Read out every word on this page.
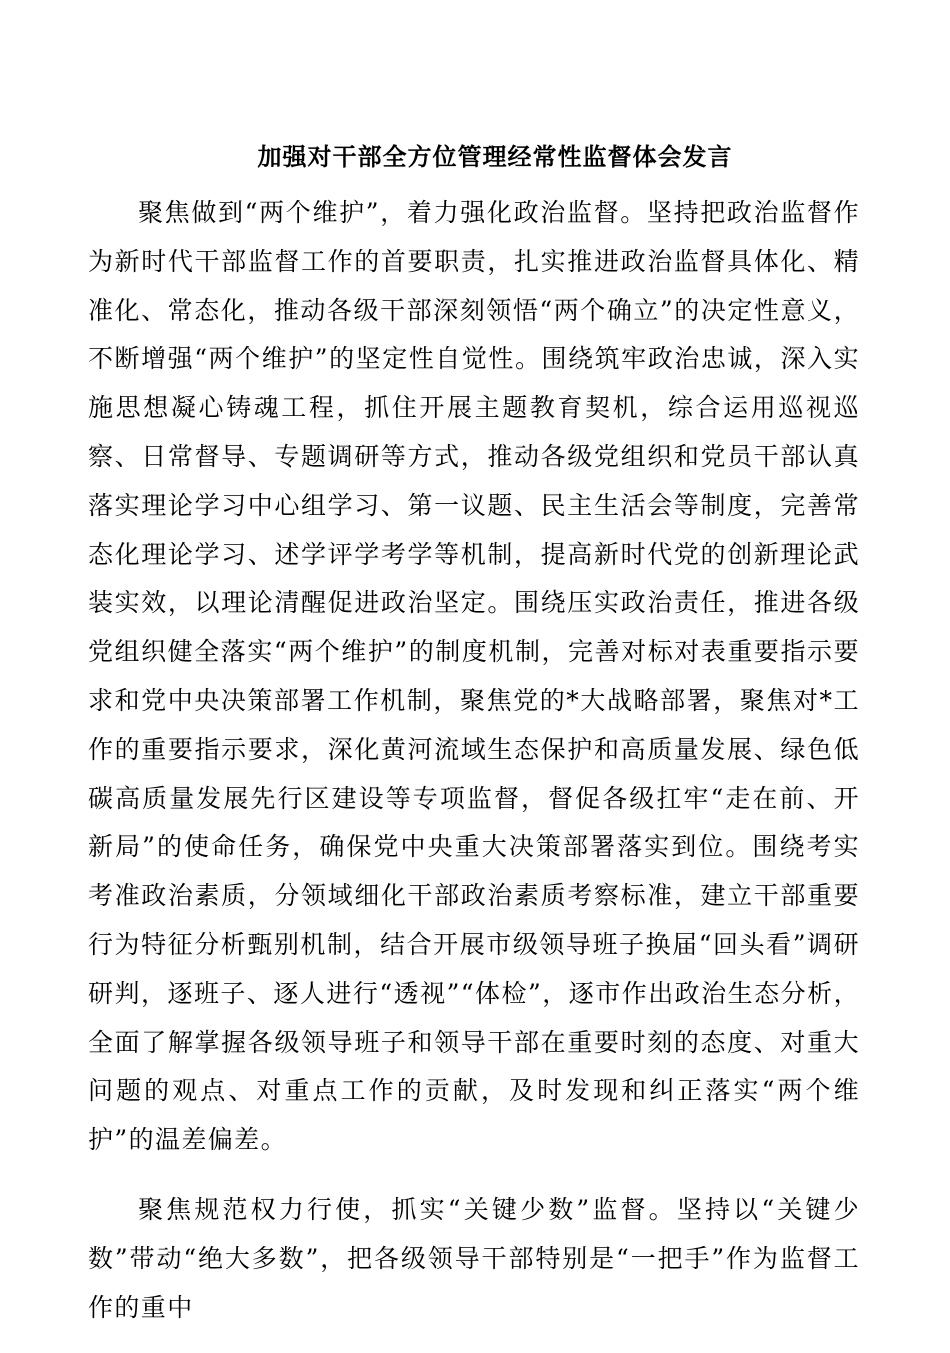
加强对干部全方位管理经常性监督体会发言

聚焦做到“两个维护”，着力强化政治监督。坚持把政治监督作为新时代干部监督工作的首要职责，扎实推进政治监督具体化、精准化、常态化，推动各级干部深刻领悟“两个确立”的决定性意义，不断增强“两个维护”的坚定性自觉性。围绕筑牢政治忠诚，深入实施思想凝心铸魂工程，抓住开展主题教育契机，综合运用巡视巡察、日常督导、专题调研等方式，推动各级党组织和党员干部认真落实理论学习中心组学习、第一议题、民主生活会等制度，完善常态化理论学习、述学评学考学等机制，提高新时代党的创新理论武装实效，以理论清醒促进政治坚定。围绕压实政治责任，推进各级党组织健全落实“两个维护”的制度机制，完善对标对表重要指示要求和党中央决策部署工作机制，聚焦党的*大战略部署，聚焦对*工作的重要指示要求，深化黄河流域生态保护和高质量发展、绿色低碳高质量发展先行区建设等专项监督，督促各级扛牢“走在前、开新局”的使命任务，确保党中央重大决策部署落实到位。围绕考实考准政治素质，分领域细化干部政治素质考察标准，建立干部重要行为特征分析甄别机制，结合开展市级领导班子换届“回头看”调研研判，逐班子、逐人进行“透视”“体检”，逐市作出政治生态分析，全面了解掌握各级领导班子和领导干部在重要时刻的态度、对重大问题的观点、对重点工作的贡献，及时发现和纠正落实“两个维护”的温差偏差。

聚焦规范权力行使，抓实“关键少数”监督。坚持以“关键少数”带动“绝大多数”，把各级领导干部特别是“一把手”作为监督工作的重中
